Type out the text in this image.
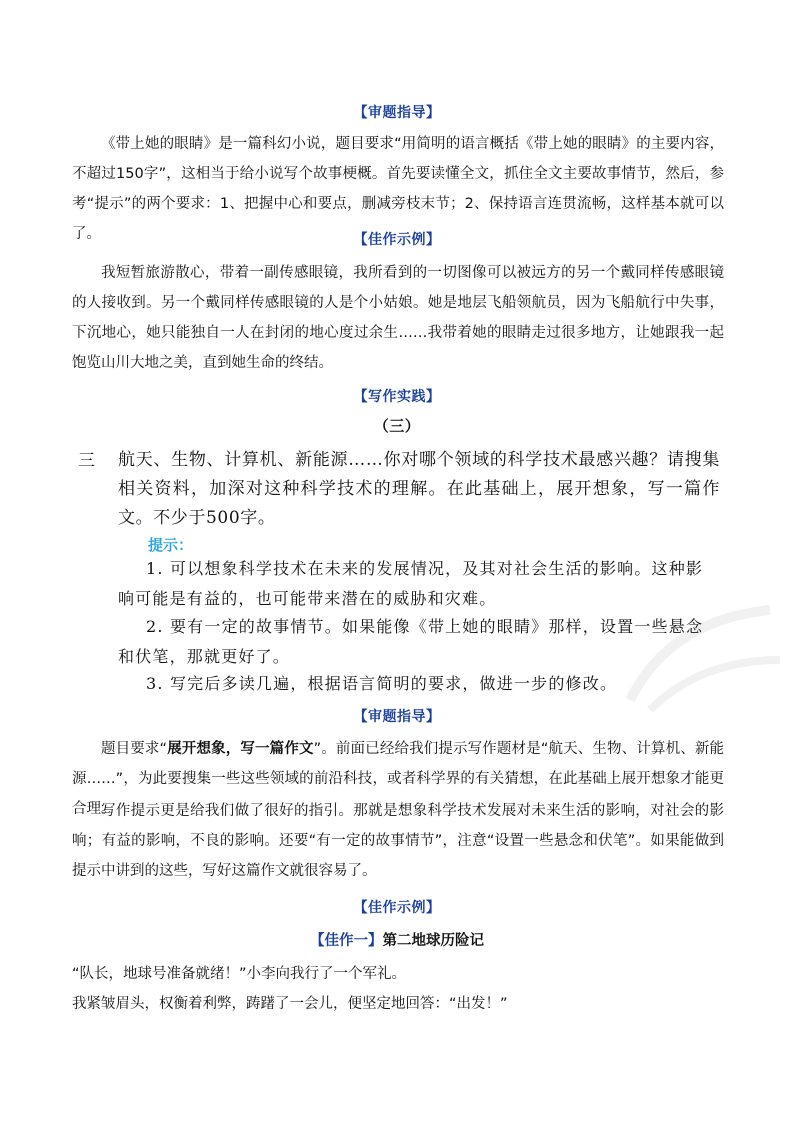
【审题指导】
《带上她的眼睛》是一篇科幻小说，题目要求“用简明的语言概括《带上她的眼睛》的主要内容，不超过150字”，这相当于给小说写个故事梗概。首先要读懂全文，抓住全文主要故事情节，然后，参考“提示”的两个要求：1、把握中心和要点，删减旁枝末节；2、保持语言连贯流畅，这样基本就可以了。	【佳作示例】
我短暂旅游散心，带着一副传感眼镜，我所看到的一切图像可以被远方的另一个戴同样传感眼镜的人接收到。另一个戴同样传感眼镜的人是个小姑娘。她是地层飞船领航员，因为飞船航行中失事，下沉地心，她只能独自一人在封闭的地心度过余生……我带着她的眼睛走过很多地方，让她跟我一起饱览山川大地之美，直到她生命的终结。
【写作实践】
（三）
三 航天、生物、计算机、新能源……你对哪个领域的科学技术最感兴趣？请搜集相关资料，加深对这种科学技术的理解。在此基础上，展开想象，写一篇作文。不少于500字。
提示：
1. 可以想象科学技术在未来的发展情况，及其对社会生活的影响。这种影响可能是有益的，也可能带来潜在的威胁和灾难。
2. 要有一定的故事情节。如果能像《带上她的眼睛》那样，设置一些悬念和伏笔，那就更好了。
3. 写完后多读几遍，根据语言简明的要求，做进一步的修改。
【审题指导】
题目要求“展开想象，写一篇作文”。前面已经给我们提示写作题材是“航天、生物、计算机、新能源……”，为此要搜集一些这些领域的前沿科技，或者科学界的有关猜想，在此基础上展开想象才能更合理。
写作提示更是给我们做了很好的指引。那就是想象科学技术发展对未来生活的影响，对社会的影响；有益的影响，不良的影响。还要“有一定的故事情节”，注意“设置一些悬念和伏笔”。如果能做到提示中讲到的这些，写好这篇作文就很容易了。
【佳作示例】
【佳作一】第二地球历险记
“队长，地球号准备就绪！”小李向我行了一个军礼。
我紧皱眉头，权衡着利弊，踌躇了一会儿，便坚定地回答：“出发！”
